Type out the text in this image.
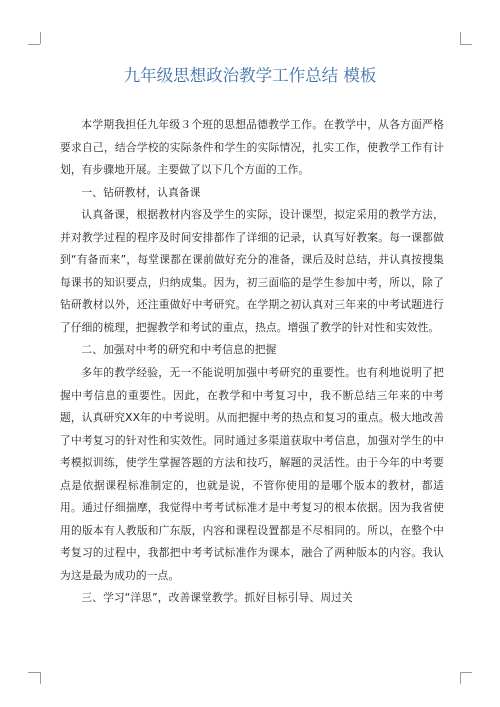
九年级思想政治教学工作总结 模板

本学期我担任九年级３个班的思想品德教学工作。在教学中，从各方面严格要求自己，结合学校的实际条件和学生的实际情况，扎实工作，使教学工作有计划，有步骤地开展。主要做了以下几个方面的工作。

一、钻研教材，认真备课

认真备课，根据教材内容及学生的实际，设计课型，拟定采用的教学方法，并对教学过程的程序及时间安排都作了详细的记录，认真写好教案。每一课都做到“有备而来”，每堂课都在课前做好充分的准备，课后及时总结，并认真按搜集每课书的知识要点，归纳成集。因为，初三面临的是学生参加中考，所以，除了钻研教材以外，还注重做好中考研究。在学期之初认真对三年来的中考试题进行了仔细的梳理，把握教学和考试的重点，热点。增强了教学的针对性和实效性。

二、加强对中考的研究和中考信息的把握

多年的教学经验，无一不能说明加强中考研究的重要性。也有利地说明了把握中考信息的重要性。因此，在教学和中考复习中，我不断总结三年来的中考题，认真研究XX年的中考说明。从而把握中考的热点和复习的重点。极大地改善了中考复习的针对性和实效性。同时通过多渠道获取中考信息，加强对学生的中考模拟训练，使学生掌握答题的方法和技巧，解题的灵活性。由于今年的中考要点是依据课程标准制定的，也就是说，不管你使用的是哪个版本的教材，都适用。通过仔细揣摩，我觉得中考考试标准才是中考复习的根本依据。因为我省使用的版本有人教版和广东版，内容和课程设置都是不尽相同的。所以，在整个中考复习的过程中，我都把中考考试标准作为课本，融合了两种版本的内容。我认为这是最为成功的一点。

三、学习“洋思”，改善课堂教学。抓好目标引导、周过关
